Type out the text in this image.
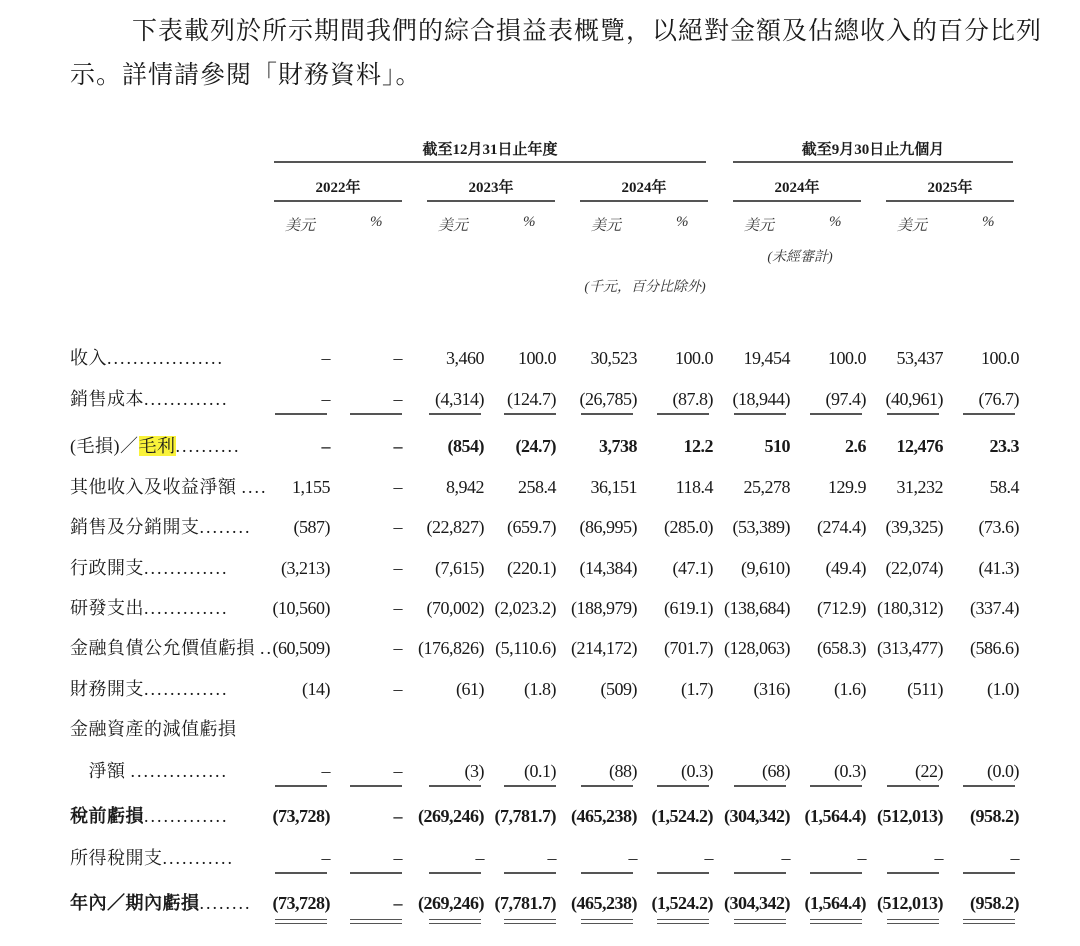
下表載列於所示期間我們的綜合損益表概覽，以絕對金額及佔總收入的百分比列

示。詳情請參閱「財務資料」。

截至12月31日止年度	截至9月30日止九個月
2022年	2023年	2024年	2024年	2025年
美元	%	美元	%	美元	%	美元	%	美元	%
(未經審計)
(千元，百分比除外)
收入..................	–	–	3,460	100.0	30,523	100.0	19,454	100.0	53,437	100.0
銷售成本.............	–	–	(4,314)	(124.7)	(26,785)	(87.8)	(18,944)	(97.4)	(40,961)	(76.7)
(毛損)／毛利..........	–	–	(854)	(24.7)	3,738	12.2	510	2.6	12,476	23.3
其他收入及收益淨額 ....	1,155	–	8,942	258.4	36,151	118.4	25,278	129.9	31,232	58.4
銷售及分銷開支........	(587)	–	(22,827)	(659.7)	(86,995)	(285.0)	(53,389)	(274.4)	(39,325)	(73.6)
行政開支.............	(3,213)	–	(7,615)	(220.1)	(14,384)	(47.1)	(9,610)	(49.4)	(22,074)	(41.3)
研發支出.............	(10,560)	–	(70,002) (2,023.2) (188,979)	(619.1) (138,684)	(712.9) (180,312)	(337.4)
金融負債公允價值虧損 .. (60,509)	– (176,826) (5,110.6) (214,172)	(701.7) (128,063)	(658.3) (313,477)	(586.6)
財務開支.............	(14)	–	(61)	(1.8)	(509)	(1.7)	(316)	(1.6)	(511)	(1.0)
金融資產的減值虧損
　淨額 ...............	–	–	(3)	(0.1)	(88)	(0.3)	(68)	(0.3)	(22)	(0.0)
稅前虧損.............	(73,728)	– (269,246) (7,781.7) (465,238) (1,524.2) (304,342) (1,564.4) (512,013)	(958.2)
所得稅開支...........	–	–	–	–	–	–	–	–	–	–
年內／期內虧損........	(73,728)	– (269,246) (7,781.7) (465,238) (1,524.2) (304,342) (1,564.4) (512,013)	(958.2)
